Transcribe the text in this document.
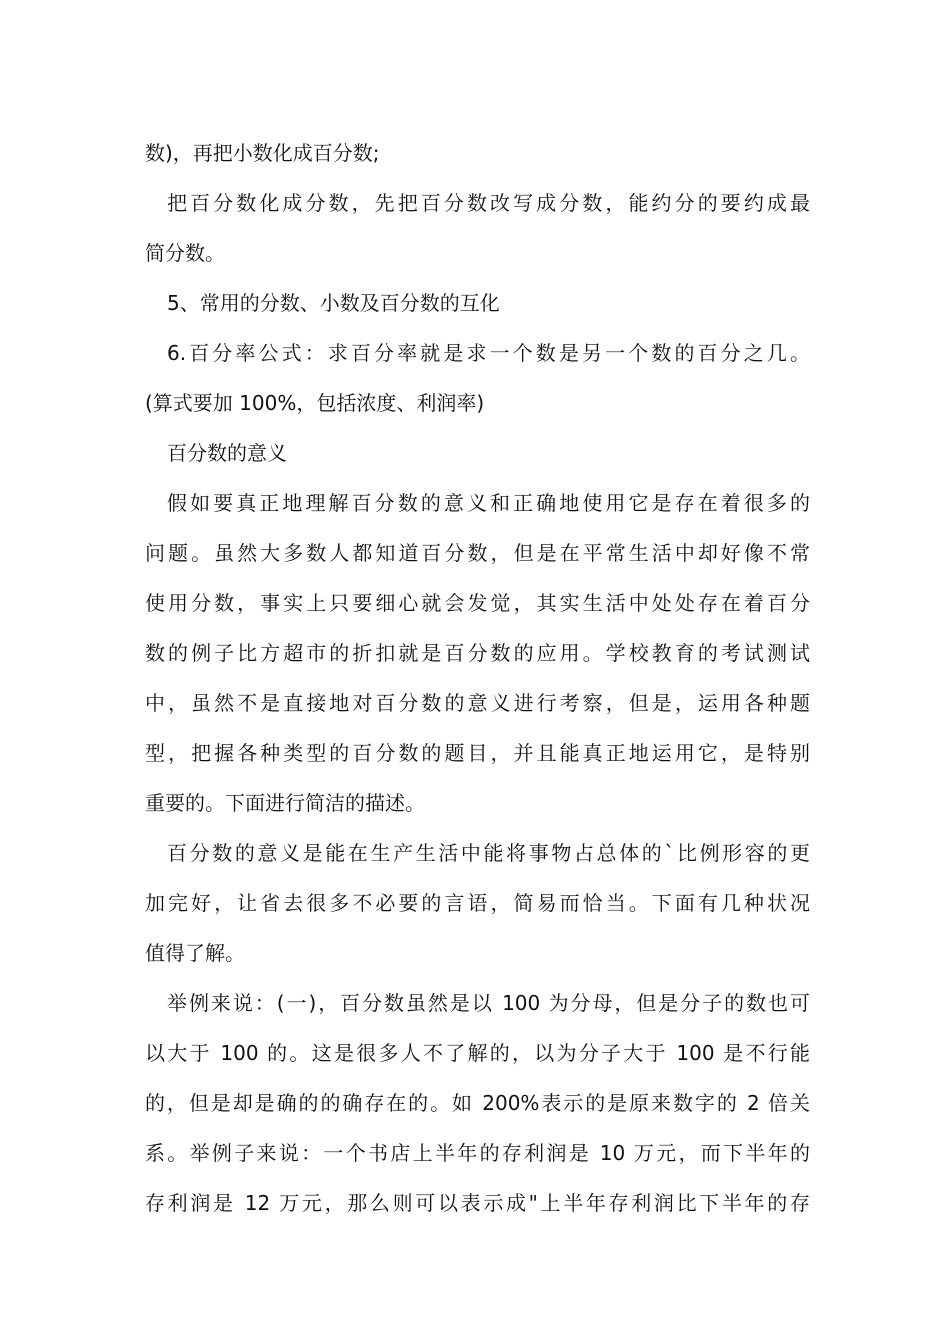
数)，再把小数化成百分数;
把百分数化成分数，先把百分数改写成分数，能约分的要约成最
简分数。
5、常用的分数、小数及百分数的互化
6.百分率公式：求百分率就是求一个数是另一个数的百分之几。
(算式要加 100%，包括浓度、利润率)
百分数的意义
假如要真正地理解百分数的意义和正确地使用它是存在着很多的
问题。虽然大多数人都知道百分数，但是在平常生活中却好像不常
使用分数，事实上只要细心就会发觉，其实生活中处处存在着百分
数的例子比方超市的折扣就是百分数的应用。学校教育的考试测试
中，虽然不是直接地对百分数的意义进行考察，但是，运用各种题
型，把握各种类型的百分数的题目，并且能真正地运用它，是特别
重要的。下面进行简洁的描述。
百分数的意义是能在生产生活中能将事物占总体的`比例形容的更
加完好，让省去很多不必要的言语，简易而恰当。下面有几种状况
值得了解。
举例来说：(一)，百分数虽然是以 100 为分母，但是分子的数也可
以大于 100 的。这是很多人不了解的，以为分子大于 100 是不行能
的，但是却是确的的确存在的。如 200%表示的是原来数字的 2 倍关
系。举例子来说：一个书店上半年的存利润是 10 万元，而下半年的
存利润是 12 万元，那么则可以表示成"上半年存利润比下半年的存
